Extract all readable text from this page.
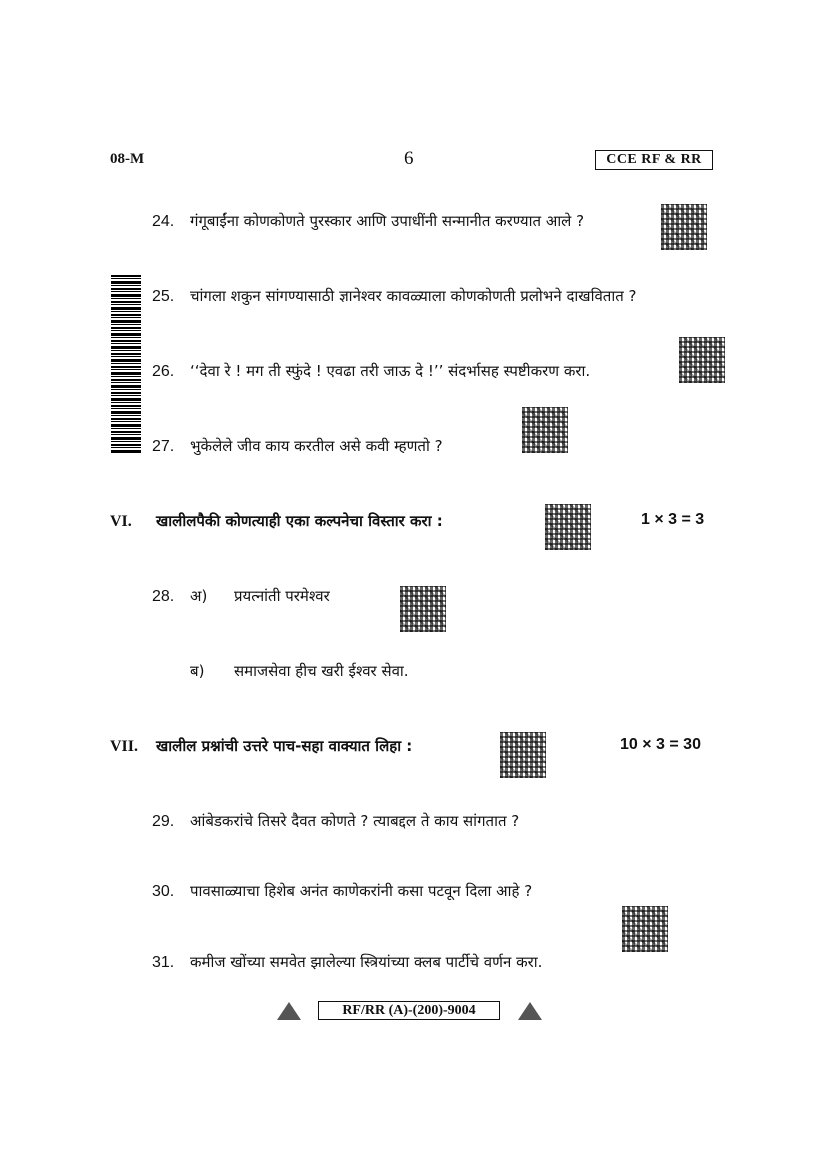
08-M	6	CCE RF & RR
24. गंगूबाईंना कोणकोणते पुरस्कार आणि उपाधींनी सन्मानीत करण्यात आले ?
25. चांगला शकुन सांगण्यासाठी ज्ञानेश्वर कावळ्याला कोणकोणती प्रलोभने दाखवितात ?
26. ‘‘देवा रे ! मग ती स्फुंदे ! एवढा तरी जाऊ दे !’’ संदर्भासह स्पष्टीकरण करा.
27. भुकेलेले जीव काय करतील असे कवी म्हणतो ?
VI. खालीलपैकी कोणत्याही एका कल्पनेचा विस्तार करा :	1 × 3 = 3
28. अ) प्रयत्नांती परमेश्वर
ब) समाजसेवा हीच खरी ईश्वर सेवा.
VII. खालील प्रश्नांची उत्तरे पाच-सहा वाक्यात लिहा :	10 × 3 = 30
29. आंबेडकरांचे तिसरे दैवत कोणते ? त्याबद्दल ते काय सांगतात ?
30. पावसाळ्याचा हिशेब अनंत काणेकरांनी कसा पटवून दिला आहे ?
31. कमीज खोंच्या समवेत झालेल्या स्त्रियांच्या क्लब पार्टीचे वर्णन करा.
RF/RR (A)-(200)-9004
